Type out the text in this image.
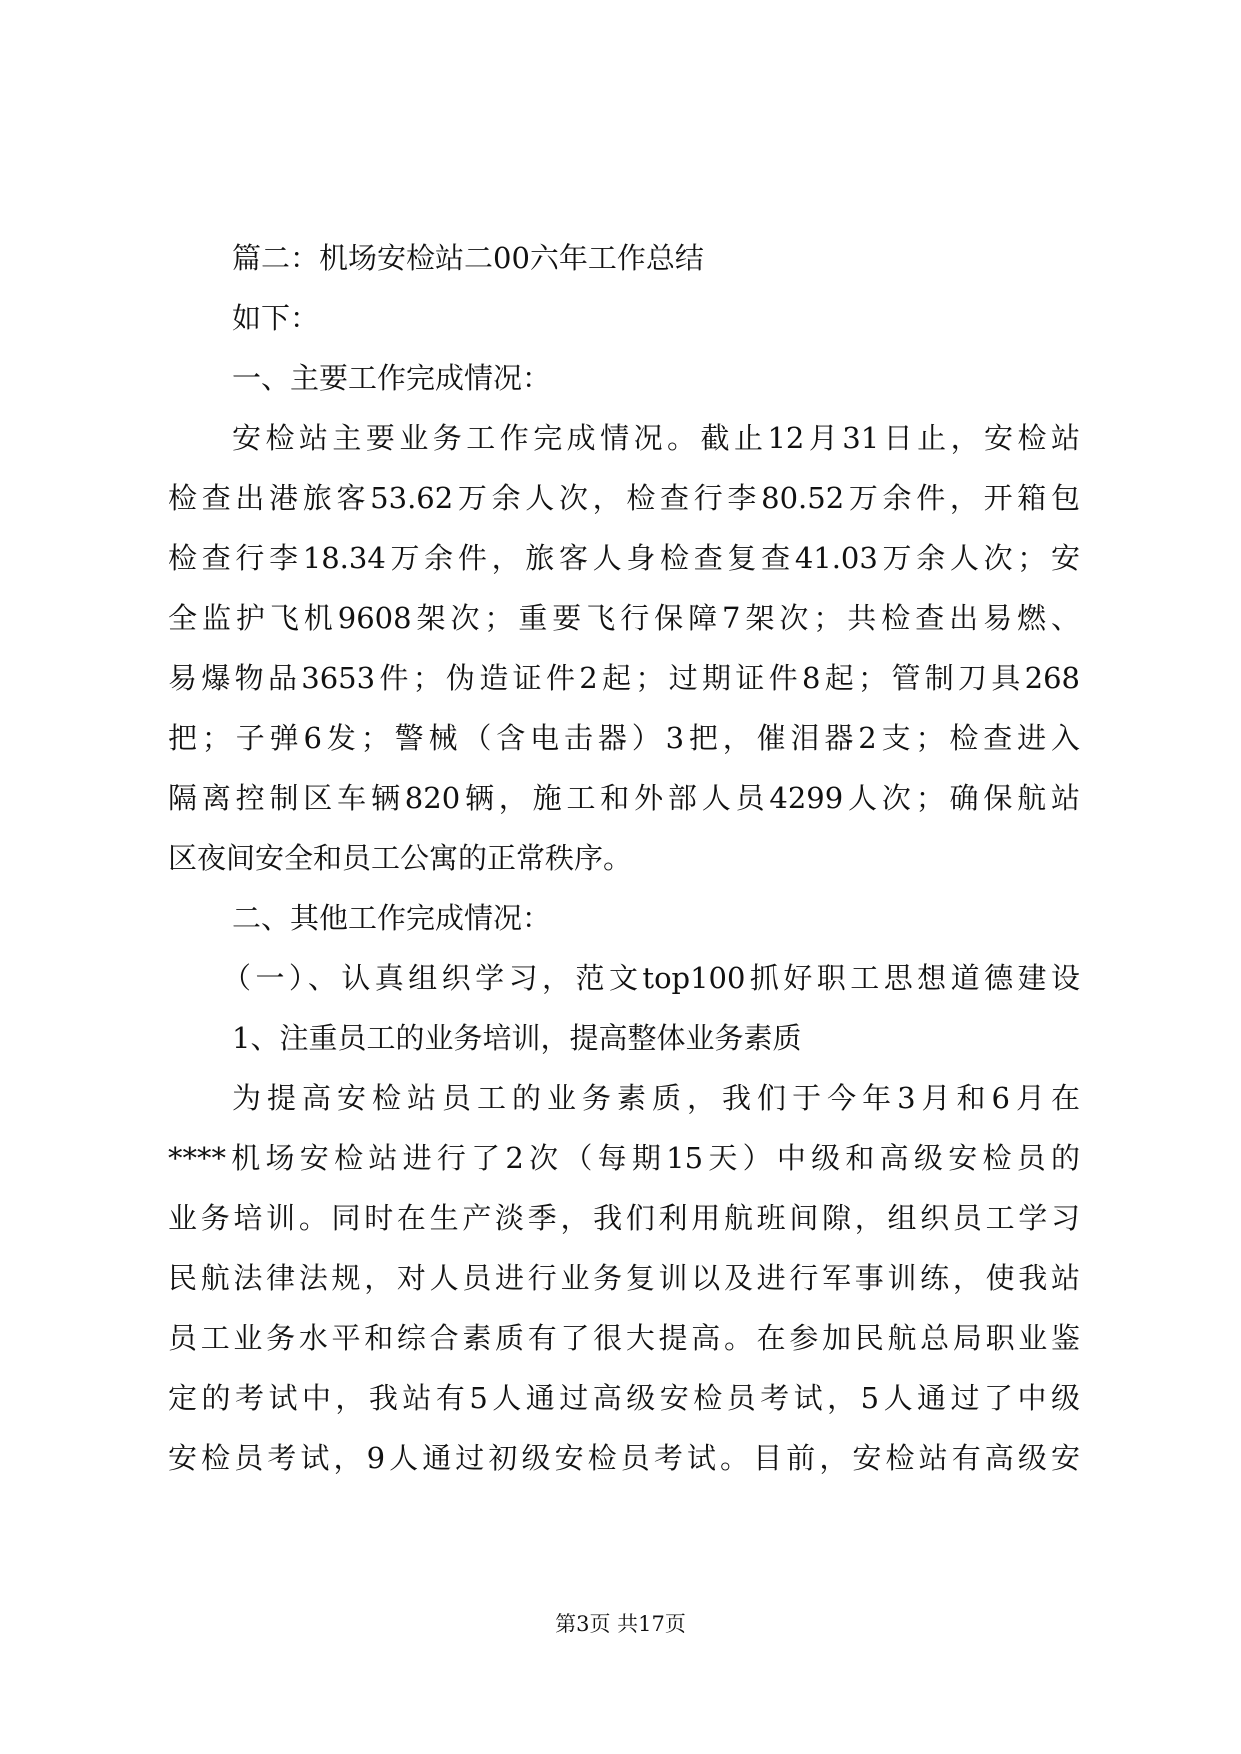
篇二：机场安检站二00六年工作总结
如下：
一、主要工作完成情况：
安检站主要业务工作完成情况。截止12月31日止，安检站
检查出港旅客53.62万余人次，检查行李80.52万余件，开箱包
检查行李18.34万余件，旅客人身检查复查41.03万余人次；安
全监护飞机9608架次；重要飞行保障7架次；共检查出易燃、
易爆物品3653件；伪造证件2起；过期证件8起；管制刀具268
把；子弹6发；警械（含电击器）3把，催泪器2支；检查进入
隔离控制区车辆820辆，施工和外部人员4299人次；确保航站
区夜间安全和员工公寓的正常秩序。
二、其他工作完成情况：
（一）、认真组织学习，范文top100抓好职工思想道德建设
1、注重员工的业务培训，提高整体业务素质
为提高安检站员工的业务素质，我们于今年3月和6月在
****机场安检站进行了2次（每期15天）中级和高级安检员的
业务培训。同时在生产淡季，我们利用航班间隙，组织员工学习
民航法律法规，对人员进行业务复训以及进行军事训练，使我站
员工业务水平和综合素质有了很大提高。在参加民航总局职业鉴
定的考试中，我站有5人通过高级安检员考试，5人通过了中级
安检员考试，9人通过初级安检员考试。目前，安检站有高级安
第3页 共17页
